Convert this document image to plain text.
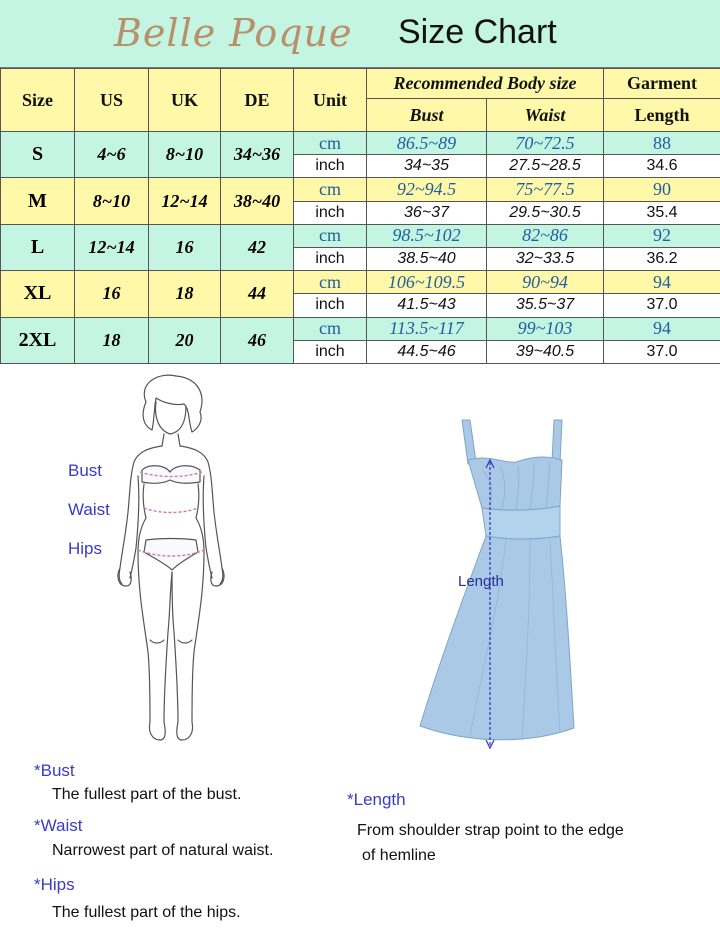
Belle Poque Size Chart
Size	US	UK	DE	Unit	Recommended Body size		Garment
					Bust	Waist	Length
S	4~6	8~10	34~36	cm	86.5~89	70~72.5	88
				inch	34~35	27.5~28.5	34.6
M	8~10	12~14	38~40	cm	92~94.5	75~77.5	90
				inch	36~37	29.5~30.5	35.4
L	12~14	16	42	cm	98.5~102	82~86	92
				inch	38.5~40	32~33.5	36.2
XL	16	18	44	cm	106~109.5	90~94	94
				inch	41.5~43	35.5~37	37.0
2XL	18	20	46	cm	113.5~117	99~103	94
				inch	44.5~46	39~40.5	37.0
Bust
Waist
Hips
Length
*Bust
The fullest part of the bust.
*Waist
Narrowest part of natural waist.
*Hips
The fullest part of the hips.
*Length
From shoulder strap point to the edge
of hemline
